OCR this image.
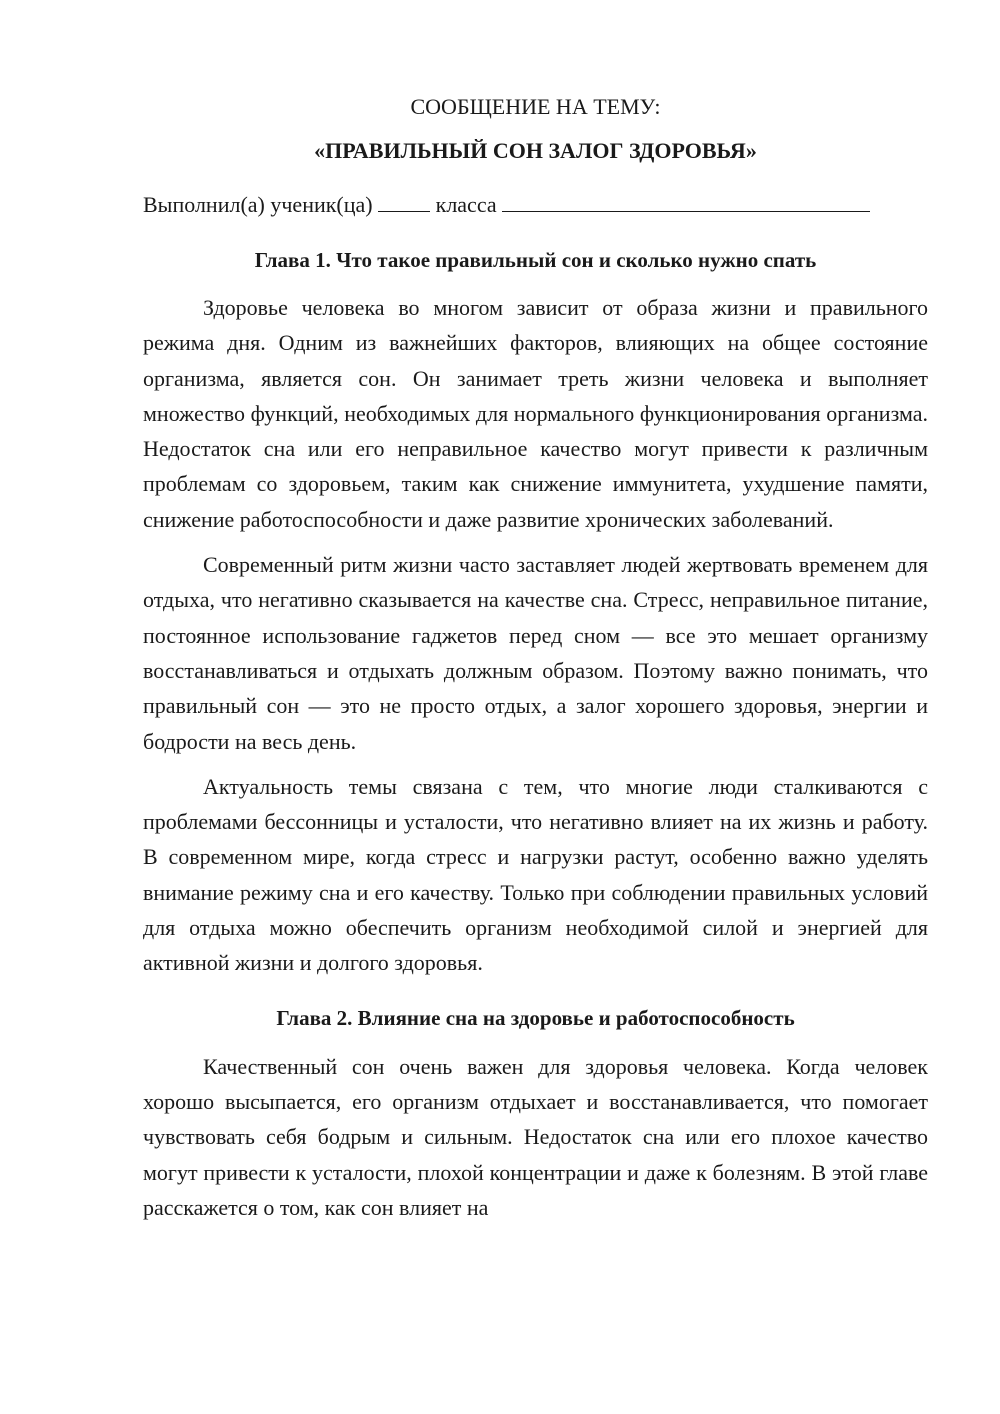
СООБЩЕНИЕ НА ТЕМУ:

«ПРАВИЛЬНЫЙ СОН ЗАЛОГ ЗДОРОВЬЯ»

Выполнил(а) ученик(ца)	класса
Глава 1. Что такое правильный сон и сколько нужно спать

Здоровье человека во многом зависит от образа жизни и правильного режима дня. Одним из важнейших факторов, влияющих на общее состояние организма, является сон. Он занимает треть жизни человека и выполняет множество функций, необходимых для нормального функционирования организма. Недостаток сна или его неправильное качество могут привести к различным проблемам со здоровьем, таким как снижение иммунитета, ухудшение памяти, снижение работоспособности и даже развитие хронических заболеваний.

Современный ритм жизни часто заставляет людей жертвовать временем для отдыха, что негативно сказывается на качестве сна. Стресс, неправильное питание, постоянное использование гаджетов перед сном — все это мешает организму восстанавливаться и отдыхать должным образом. Поэтому важно понимать, что правильный сон — это не просто отдых, а залог хорошего здоровья, энергии и бодрости на весь день.

Актуальность темы связана с тем, что многие люди сталкиваются с проблемами бессонницы и усталости, что негативно влияет на их жизнь и работу. В современном мире, когда стресс и нагрузки растут, особенно важно уделять внимание режиму сна и его качеству. Только при соблюдении правильных условий для отдыха можно обеспечить организм необходимой силой и энергией для активной жизни и долгого здоровья.

Глава 2. Влияние сна на здоровье и работоспособность

Качественный сон очень важен для здоровья человека. Когда человек хорошо высыпается, его организм отдыхает и восстанавливается, что помогает чувствовать себя бодрым и сильным. Недостаток сна или его плохое качество могут привести к усталости, плохой концентрации и даже к болезням. В этой главе расскажется о том, как сон влияет на
